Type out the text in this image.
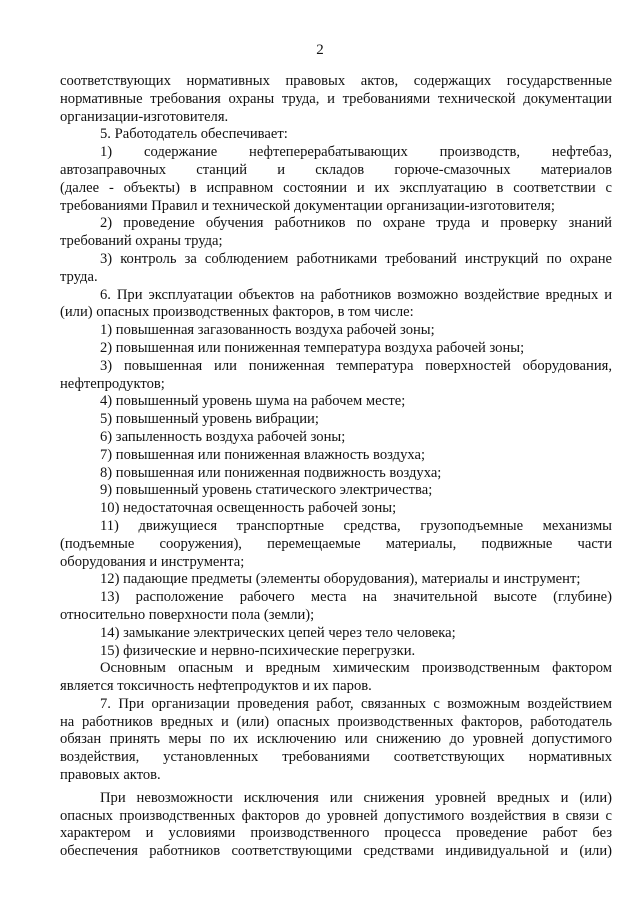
2
соответствующих нормативных правовых актов, содержащих государственные
нормативные требования охраны труда, и требованиями технической документации
организации-изготовителя.
5. Работодатель обеспечивает:
1) содержание нефтеперерабатывающих производств, нефтебаз,
автозаправочных станций и складов горюче-смазочных материалов
(далее - объекты) в исправном состоянии и их эксплуатацию в соответствии с
требованиями Правил и технической документации организации-изготовителя;
2) проведение обучения работников по охране труда и проверку знаний
требований охраны труда;
3) контроль за соблюдением работниками требований инструкций по охране
труда.
6. При эксплуатации объектов на работников возможно воздействие вредных и
(или) опасных производственных факторов, в том числе:
1) повышенная загазованность воздуха рабочей зоны;
2) повышенная или пониженная температура воздуха рабочей зоны;
3) повышенная или пониженная температура поверхностей оборудования,
нефтепродуктов;
4) повышенный уровень шума на рабочем месте;
5) повышенный уровень вибрации;
6) запыленность воздуха рабочей зоны;
7) повышенная или пониженная влажность воздуха;
8) повышенная или пониженная подвижность воздуха;
9) повышенный уровень статического электричества;
10) недостаточная освещенность рабочей зоны;
11) движущиеся транспортные средства, грузоподъемные механизмы
(подъемные сооружения), перемещаемые материалы, подвижные части
оборудования и инструмента;
12) падающие предметы (элементы оборудования), материалы и инструмент;
13) расположение рабочего места на значительной высоте (глубине)
относительно поверхности пола (земли);
14) замыкание электрических цепей через тело человека;
15) физические и нервно-психические перегрузки.
Основным опасным и вредным химическим производственным фактором
является токсичность нефтепродуктов и их паров.
7. При организации проведения работ, связанных с возможным воздействием
на работников вредных и (или) опасных производственных факторов, работодатель
обязан принять меры по их исключению или снижению до уровней допустимого
воздействия, установленных требованиями соответствующих нормативных
правовых актов.
При невозможности исключения или снижения уровней вредных и (или)
опасных производственных факторов до уровней допустимого воздействия в связи с
характером и условиями производственного процесса проведение работ без
обеспечения работников соответствующими средствами индивидуальной и (или)
